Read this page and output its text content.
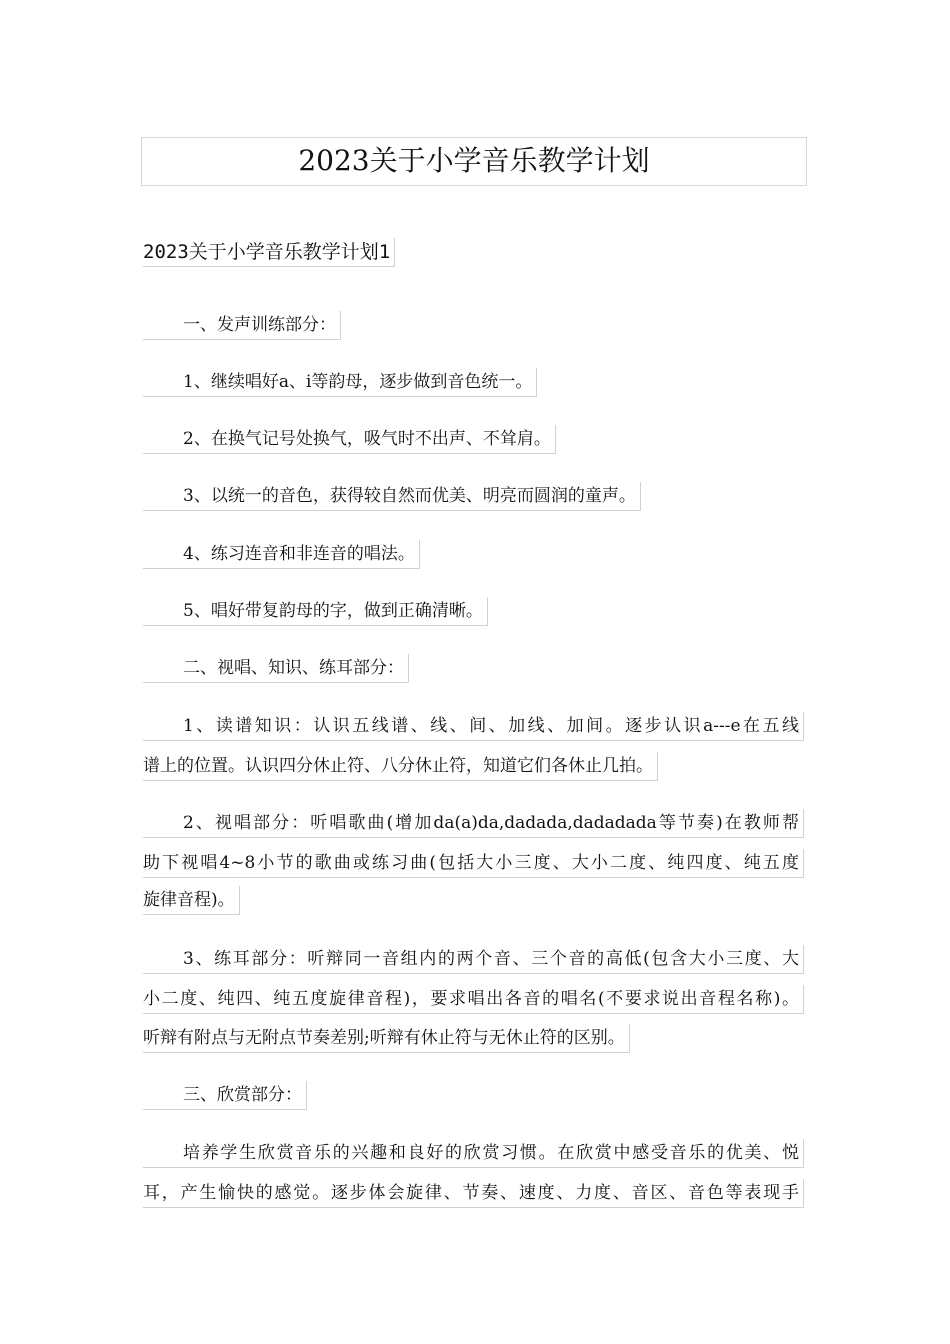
2023关于小学音乐教学计划
2023关于小学音乐教学计划1
一、发声训练部分：
1、继续唱好a、i等韵母，逐步做到音色统一。
2、在换气记号处换气，吸气时不出声、不耸肩。
3、以统一的音色，获得较自然而优美、明亮而圆润的童声。
4、练习连音和非连音的唱法。
5、唱好带复韵母的字，做到正确清晰。
二、视唱、知识、练耳部分：
1、读谱知识：认识五线谱、线、间、加线、加间。逐步认识a---e在五线
谱上的位置。认识四分休止符、八分休止符，知道它们各休止几拍。
2、视唱部分：听唱歌曲(增加da(a)da,dadada,dadadada等节奏)在教师帮
助下视唱4~8小节的歌曲或练习曲(包括大小三度、大小二度、纯四度、纯五度
旋律音程)。
3、练耳部分：听辩同一音组内的两个音、三个音的高低(包含大小三度、大
小二度、纯四、纯五度旋律音程)，要求唱出各音的唱名(不要求说出音程名称)。
听辩有附点与无附点节奏差别;听辩有休止符与无休止符的区别。
三、欣赏部分：
培养学生欣赏音乐的兴趣和良好的欣赏习惯。在欣赏中感受音乐的优美、悦
耳，产生愉快的感觉。逐步体会旋律、节奏、速度、力度、音区、音色等表现手
